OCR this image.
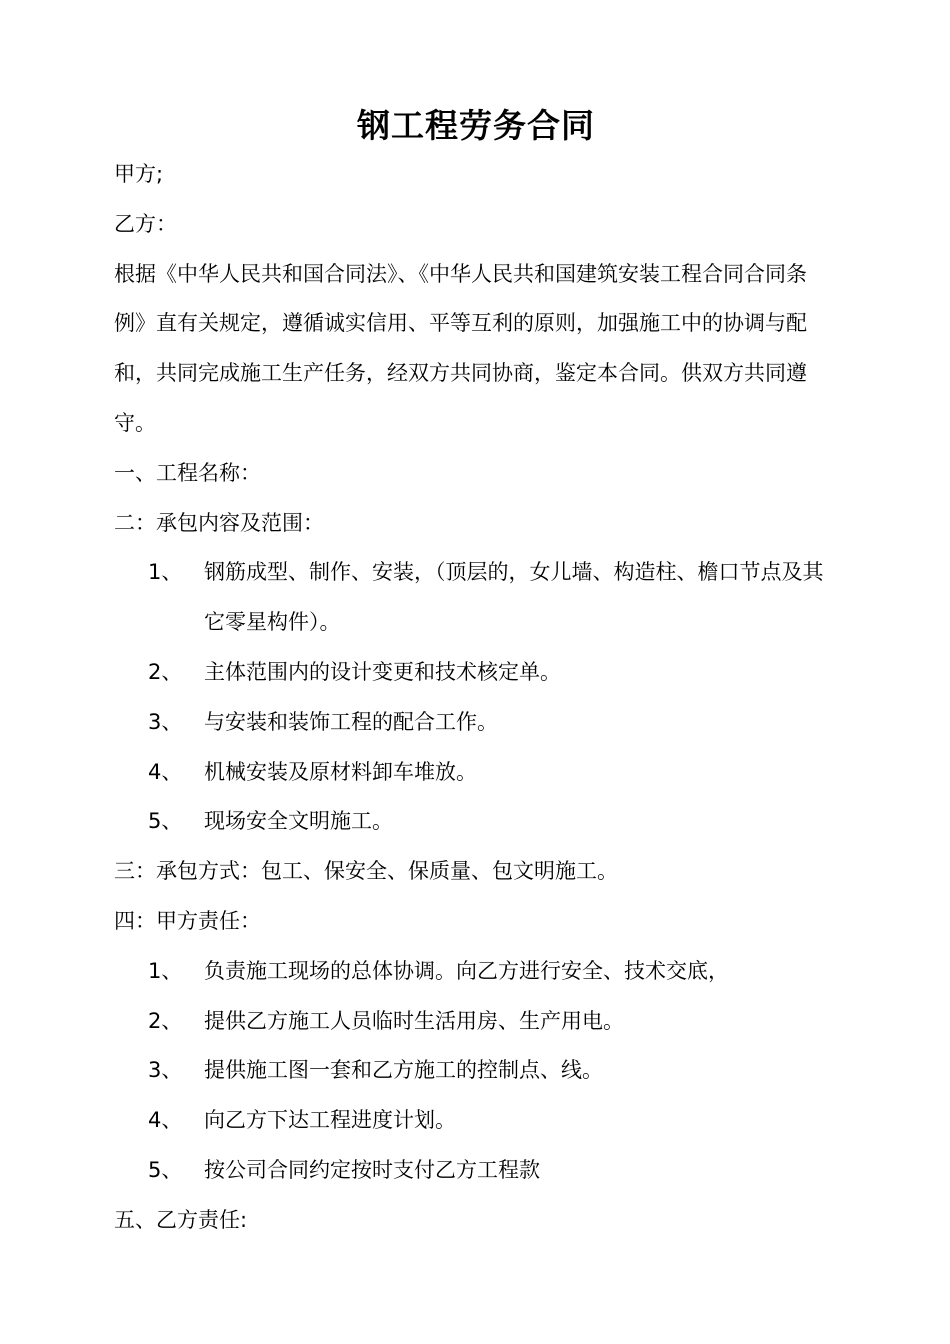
钢工程劳务合同
甲方;
乙方：
根据《中华人民共和国合同法》、《中华人民共和国建筑安装工程合同合同条例》直有关规定，遵循诚实信用、平等互利的原则，加强施工中的协调与配和，共同完成施工生产任务，经双方共同协商，鉴定本合同。供双方共同遵守。
一、工程名称：
二：承包内容及范围：
1、	钢筋成型、制作、安装，（顶层的，女儿墙、构造柱、檐口节点及其它零星构件）。
2、	主体范围内的设计变更和技术核定单。
3、	与安装和装饰工程的配合工作。
4、	机械安装及原材料卸车堆放。
5、	现场安全文明施工。
三：承包方式：包工、保安全、保质量、包文明施工。
四：甲方责任：
1、	负责施工现场的总体协调。向乙方进行安全、技术交底，
2、	提供乙方施工人员临时生活用房、生产用电。
3、	提供施工图一套和乙方施工的控制点、线。
4、	向乙方下达工程进度计划。
5、	按公司合同约定按时支付乙方工程款
五、乙方责任:
